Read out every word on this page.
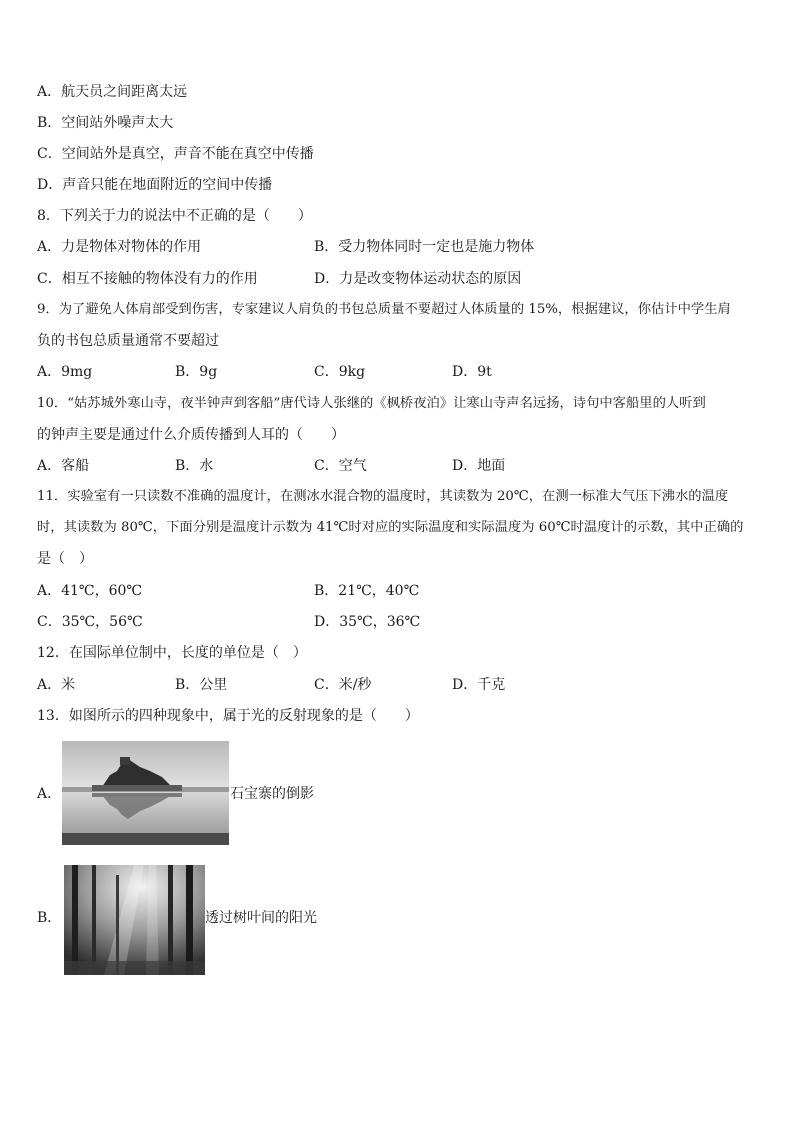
A．航天员之间距离太远
B．空间站外噪声太大
C．空间站外是真空，声音不能在真空中传播
D．声音只能在地面附近的空间中传播
8．下列关于力的说法中不正确的是（　　）
A．力是物体对物体的作用	B．受力物体同时一定也是施力物体
C．相互不接触的物体没有力的作用	D．力是改变物体运动状态的原因
9．为了避免人体肩部受到伤害，专家建议人肩负的书包总质量不要超过人体质量的 15%，根据建议，你估计中学生肩
负的书包总质量通常不要超过
A．9mg	B．9g	C．9kg	D．9t
10．“姑苏城外寒山寺，夜半钟声到客船”唐代诗人张继的《枫桥夜泊》让寒山寺声名远扬，诗句中客船里的人听到
的钟声主要是通过什么介质传播到人耳的（　　）
A．客船	B．水	C．空气	D．地面
11．实验室有一只读数不准确的温度计，在测冰水混合物的温度时，其读数为 20℃，在测一标准大气压下沸水的温度
时，其读数为 80℃，下面分别是温度计示数为 41℃时对应的实际温度和实际温度为 60℃时温度计的示数，其中正确的
是（　）
A．41℃，60℃	B．21℃，40℃
C．35℃，56℃	D．35℃，36℃
12．在国际单位制中，长度的单位是（　）
A．米	B．公里	C．米/秒	D．千克
13．如图所示的四种现象中，属于光的反射现象的是（　　）
A．	石宝寨的倒影
B．	透过树叶间的阳光
